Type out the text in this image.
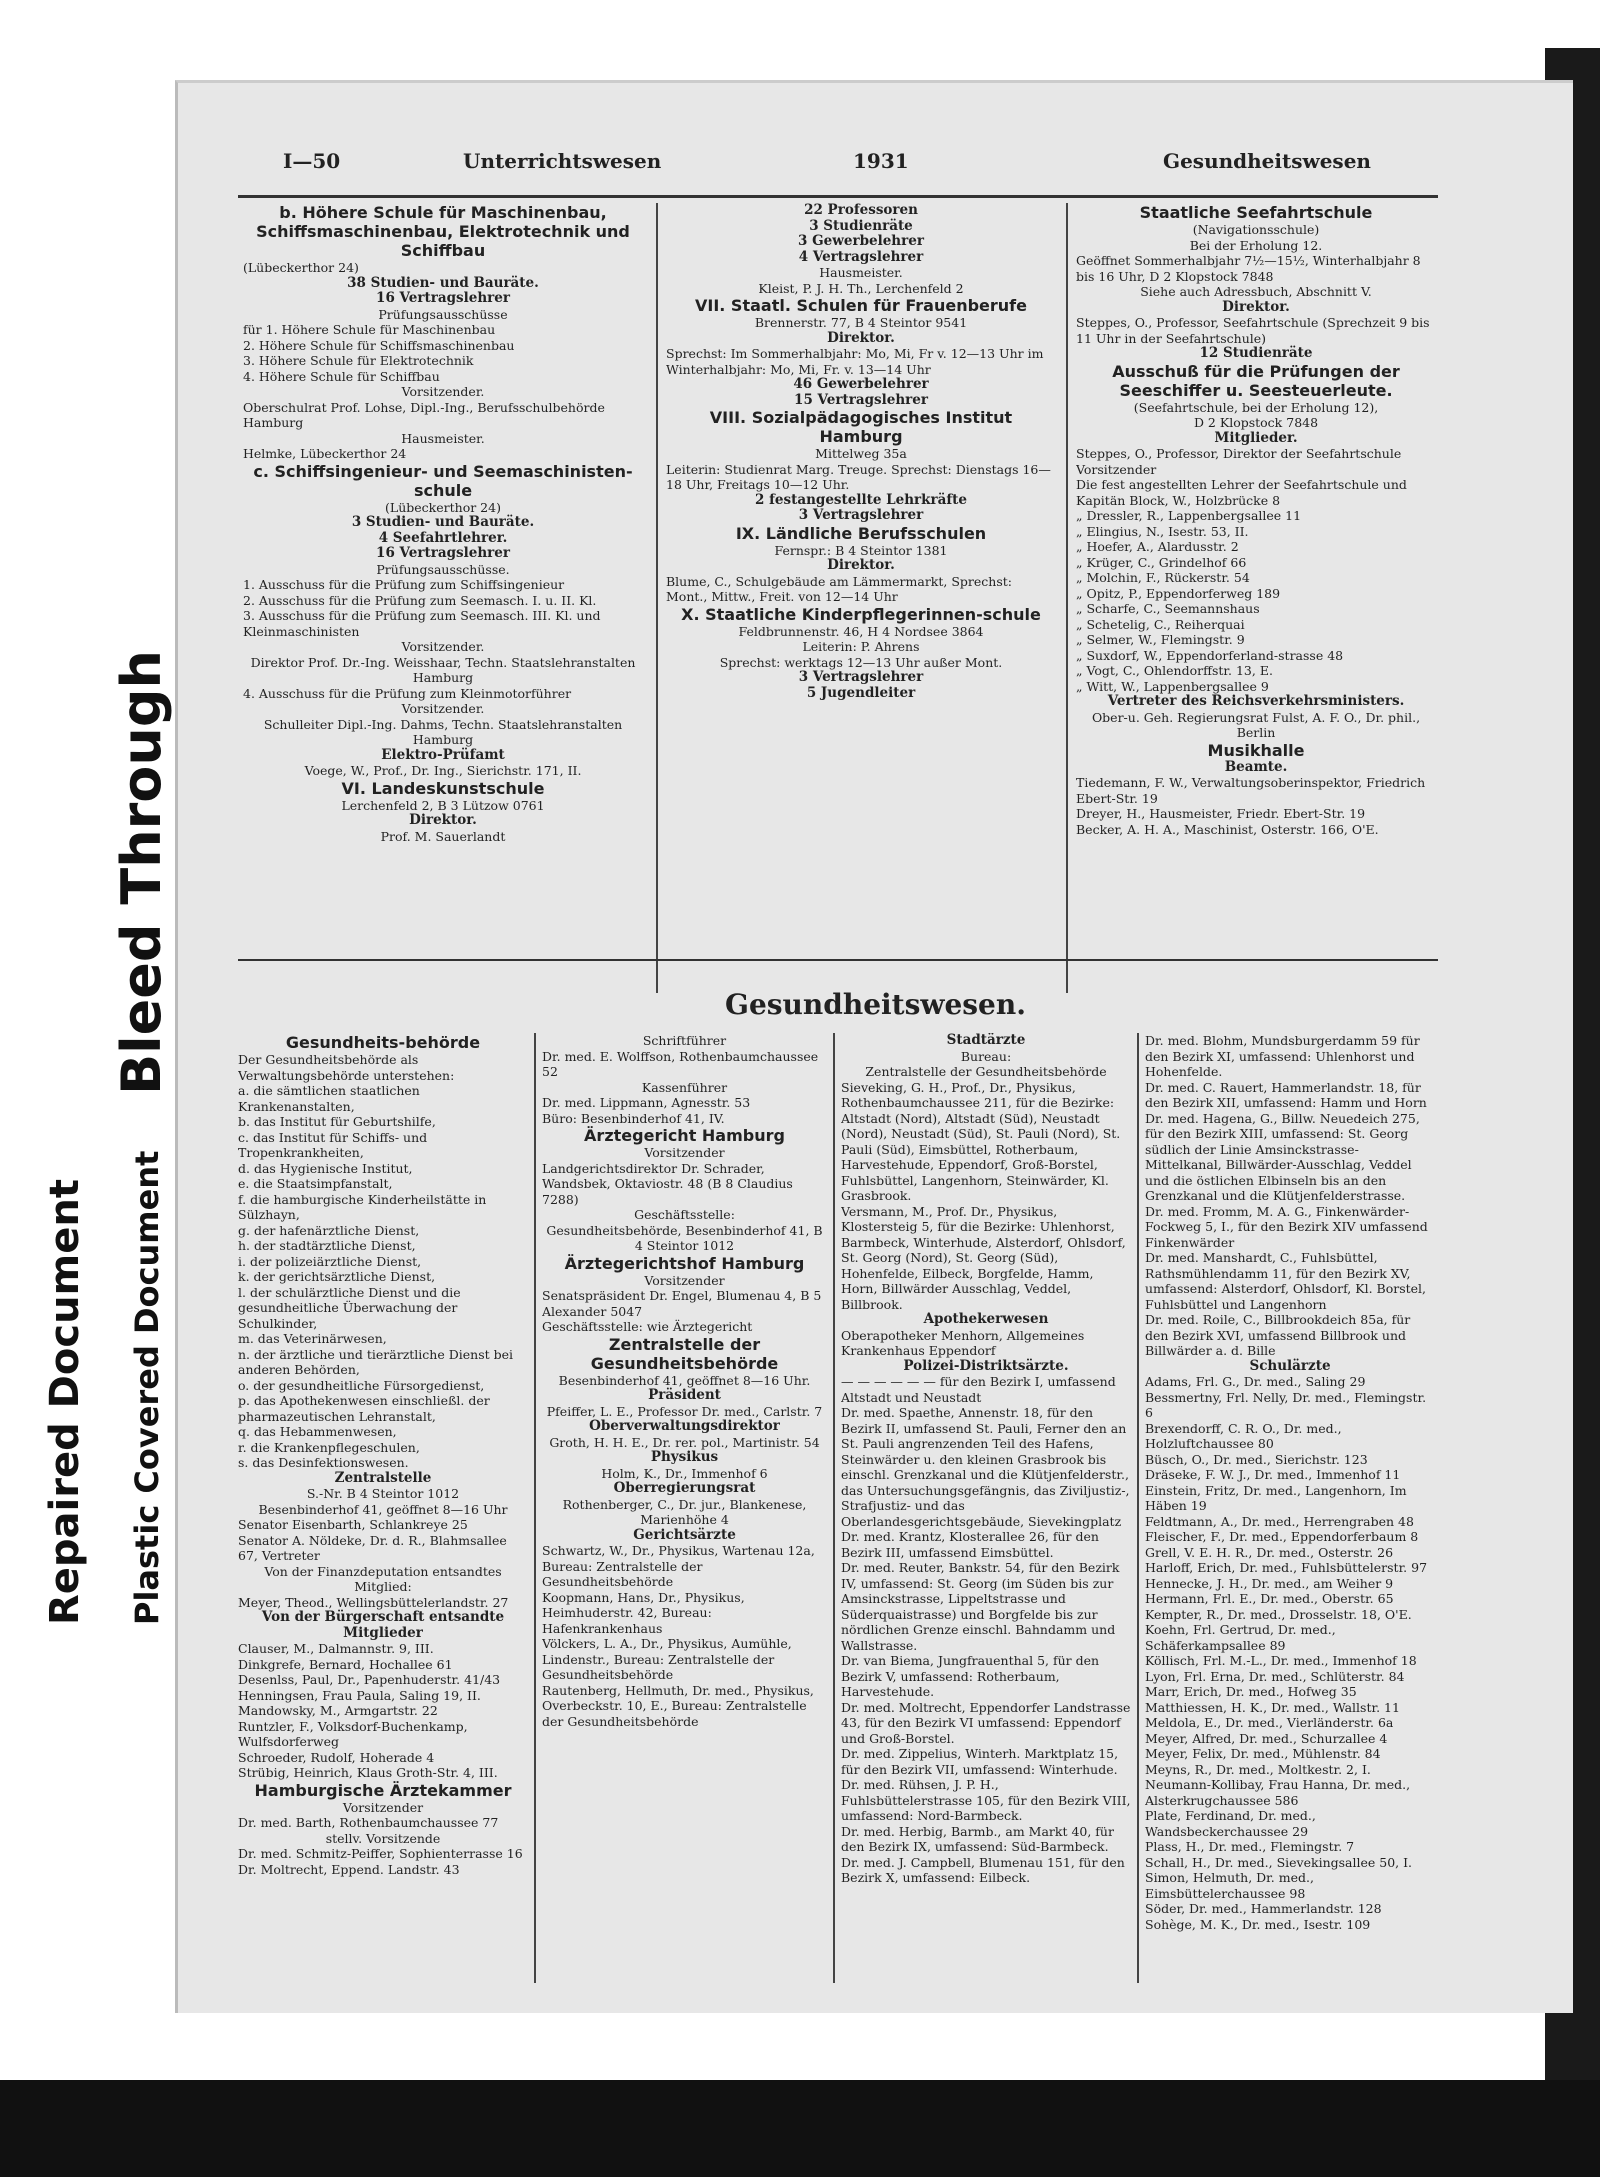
Repaired Document Plastic Covered Document
Bleed Through
I—50	Unterrichtswesen	1931	Gesundheitswesen

b. Höhere Schule für Maschinenbau, Schiffsmaschinenbau, Elektrotechnik und Schiffbau

(Lübeckerthor 24)

38 Studien- und Bauräte.

16 Vertragslehrer

Prüfungsausschüsse

für 1. Höhere Schule für Maschinenbau

2. Höhere Schule für Schiffsmaschinenbau

3. Höhere Schule für Elektrotechnik

4. Höhere Schule für Schiffbau

Vorsitzender.

Oberschulrat Prof. Lohse, Dipl.-Ing., Berufsschulbehörde Hamburg

Hausmeister.

Helmke, Lübeckerthor 24

c. Schiffsingenieur- und Seemaschinisten-schule

(Lübeckerthor 24)

3 Studien- und Bauräte.

4 Seefahrtlehrer.

16 Vertragslehrer

Prüfungsausschüsse.

1. Ausschuss für die Prüfung zum Schiffsingenieur

2. Ausschuss für die Prüfung zum Seemasch. I. u. II. Kl.

3. Ausschuss für die Prüfung zum Seemasch. III. Kl. und Kleinmaschinisten

Vorsitzender.

Direktor Prof. Dr.-Ing. Weisshaar, Techn. Staatslehranstalten Hamburg

4. Ausschuss für die Prüfung zum Kleinmotorführer

Vorsitzender.

Schulleiter Dipl.-Ing. Dahms, Techn. Staatslehranstalten Hamburg

Elektro-Prüfamt

Voege, W., Prof., Dr. Ing., Sierichstr. 171, II.

VI. Landeskunstschule

Lerchenfeld 2, B 3 Lützow 0761

Direktor.

Prof. M. Sauerlandt

22 Professoren

3 Studienräte

3 Gewerbelehrer

4 Vertragslehrer

Hausmeister.

Kleist, P. J. H. Th., Lerchenfeld 2

VII. Staatl. Schulen für Frauenberufe

Brennerstr. 77, B 4 Steintor 9541

Direktor.

Sprechst: Im Sommerhalbjahr: Mo, Mi, Fr v. 12—13 Uhr im Winterhalbjahr: Mo, Mi, Fr. v. 13—14 Uhr

46 Gewerbelehrer

15 Vertragslehrer

VIII. Sozialpädagogisches Institut Hamburg

Mittelweg 35a

Leiterin: Studienrat Marg. Treuge. Sprechst: Dienstags 16—18 Uhr, Freitags 10—12 Uhr.

2 festangestellte Lehrkräfte

3 Vertragslehrer

IX. Ländliche Berufsschulen

Fernspr.: B 4 Steintor 1381

Direktor.

Blume, C., Schulgebäude am Lämmermarkt, Sprechst: Mont., Mittw., Freit. von 12—14 Uhr

X. Staatliche Kinderpflegerinnen-schule

Feldbrunnenstr. 46, H 4 Nordsee 3864

Leiterin: P. Ahrens

Sprechst: werktags 12—13 Uhr außer Mont.

3 Vertragslehrer

5 Jugendleiter

Staatliche Seefahrtschule

(Navigationsschule)

Bei der Erholung 12.

Geöffnet Sommerhalbjahr 7½—15½, Winterhalbjahr 8 bis 16 Uhr, D 2 Klopstock 7848

Siehe auch Adressbuch, Abschnitt V.

Direktor.

Steppes, O., Professor, Seefahrtschule (Sprechzeit 9 bis 11 Uhr in der Seefahrtschule)

12 Studienräte

Ausschuß für die Prüfungen der Seeschiffer u. Seesteuerleute.

(Seefahrtschule, bei der Erholung 12),

D 2 Klopstock 7848

Mitglieder.

Steppes, O., Professor, Direktor der Seefahrtschule Vorsitzender

Die fest angestellten Lehrer der Seefahrtschule und Kapitän Block, W., Holzbrücke 8

„ Dressler, R., Lappenbergsallee 11

„ Elingius, N., Isestr. 53, II.

„ Hoefer, A., Alardusstr. 2

„ Krüger, C., Grindelhof 66

„ Molchin, F., Rückerstr. 54

„ Opitz, P., Eppendorferweg 189

„ Scharfe, C., Seemannshaus

„ Schetelig, C., Reiherquai

„ Selmer, W., Flemingstr. 9

„ Suxdorf, W., Eppendorferland-strasse 48

„ Vogt, C., Ohlendorffstr. 13, E.

„ Witt, W., Lappenbergsallee 9

Vertreter des Reichsverkehrsministers.

Ober-u. Geh. Regierungsrat Fulst, A. F. O., Dr. phil., Berlin

Musikhalle

Beamte.

Tiedemann, F. W., Verwaltungsoberinspektor, Friedrich Ebert-Str. 19

Dreyer, H., Hausmeister, Friedr. Ebert-Str. 19

Becker, A. H. A., Maschinist, Osterstr. 166, O'E.

Gesundheitswesen.

Gesundheits-behörde

Der Gesundheitsbehörde als Verwaltungsbehörde unterstehen:

a. die sämtlichen staatlichen Krankenanstalten,

b. das Institut für Geburtshilfe,

c. das Institut für Schiffs- und Tropenkrankheiten,

d. das Hygienische Institut,

e. die Staatsimpfanstalt,

f. die hamburgische Kinderheilstätte in Sülzhayn,

g. der hafenärztliche Dienst,

h. der stadtärztliche Dienst,

i. der polizeiärztliche Dienst,

k. der gerichtsärztliche Dienst,

l. der schulärztliche Dienst und die gesundheitliche Überwachung der Schulkinder,

m. das Veterinärwesen,

n. der ärztliche und tierärztliche Dienst bei anderen Behörden,

o. der gesundheitliche Fürsorgedienst,

p. das Apothekenwesen einschließl. der pharmazeutischen Lehranstalt,

q. das Hebammenwesen,

r. die Krankenpflegeschulen,

s. das Desinfektionswesen.

Zentralstelle

S.-Nr. B 4 Steintor 1012

Besenbinderhof 41, geöffnet 8—16 Uhr

Senator Eisenbarth, Schlankreye 25

Senator A. Nöldeke, Dr. d. R., Blahmsallee 67, Vertreter

Von der Finanzdeputation entsandtes Mitglied:

Meyer, Theod., Wellingsbüttelerlandstr. 27

Von der Bürgerschaft entsandte Mitglieder

Clauser, M., Dalmannstr. 9, III.

Dinkgrefe, Bernard, Hochallee 61

Desenlss, Paul, Dr., Papenhuderstr. 41/43

Henningsen, Frau Paula, Saling 19, II.

Mandowsky, M., Armgartstr. 22

Runtzler, F., Volksdorf-Buchenkamp, Wulfsdorferweg

Schroeder, Rudolf, Hoherade 4

Strübig, Heinrich, Klaus Groth-Str. 4, III.

Hamburgische Ärztekammer

Vorsitzender

Dr. med. Barth, Rothenbaumchaussee 77

stellv. Vorsitzende

Dr. med. Schmitz-Peiffer, Sophienterrasse 16

Dr. Moltrecht, Eppend. Landstr. 43

Schriftführer

Dr. med. E. Wolffson, Rothenbaumchaussee 52

Kassenführer

Dr. med. Lippmann, Agnesstr. 53

Büro: Besenbinderhof 41, IV.

Ärztegericht Hamburg

Vorsitzender

Landgerichtsdirektor Dr. Schrader, Wandsbek, Oktaviostr. 48 (B 8 Claudius 7288)

Geschäftsstelle:

Gesundheitsbehörde, Besenbinderhof 41, B 4 Steintor 1012

Ärztegerichtshof Hamburg

Vorsitzender

Senatspräsident Dr. Engel, Blumenau 4, B 5 Alexander 5047

Geschäftsstelle: wie Ärztegericht

Zentralstelle der Gesundheitsbehörde

Besenbinderhof 41, geöffnet 8—16 Uhr.

Präsident

Pfeiffer, L. E., Professor Dr. med., Carlstr. 7

Oberverwaltungsdirektor

Groth, H. H. E., Dr. rer. pol., Martinistr. 54

Physikus

Holm, K., Dr., Immenhof 6

Oberregierungsrat

Rothenberger, C., Dr. jur., Blankenese, Marienhöhe 4

Gerichtsärzte

Schwartz, W., Dr., Physikus, Wartenau 12a, Bureau: Zentralstelle der Gesundheitsbehörde

Koopmann, Hans, Dr., Physikus, Heimhuderstr. 42, Bureau: Hafenkrankenhaus

Völckers, L. A., Dr., Physikus, Aumühle, Lindenstr., Bureau: Zentralstelle der Gesundheitsbehörde

Rautenberg, Hellmuth, Dr. med., Physikus, Overbeckstr. 10, E., Bureau: Zentralstelle der Gesundheitsbehörde

Stadtärzte

Bureau:

Zentralstelle der Gesundheitsbehörde

Sieveking, G. H., Prof., Dr., Physikus, Rothenbaumchaussee 211, für die Bezirke: Altstadt (Nord), Altstadt (Süd), Neustadt (Nord), Neustadt (Süd), St. Pauli (Nord), St. Pauli (Süd), Eimsbüttel, Rotherbaum, Harvestehude, Eppendorf, Groß-Borstel, Fuhlsbüttel, Langenhorn, Steinwärder, Kl. Grasbrook.

Versmann, M., Prof. Dr., Physikus, Klostersteig 5, für die Bezirke: Uhlenhorst, Barmbeck, Winterhude, Alsterdorf, Ohlsdorf, St. Georg (Nord), St. Georg (Süd), Hohenfelde, Eilbeck, Borgfelde, Hamm, Horn, Billwärder Ausschlag, Veddel, Billbrook.

Apothekerwesen

Oberapotheker Menhorn, Allgemeines Krankenhaus Eppendorf

Polizei-Distriktsärzte.

— — — — — — für den Bezirk I, umfassend Altstadt und Neustadt

Dr. med. Spaethe, Annenstr. 18, für den Bezirk II, umfassend St. Pauli, Ferner den an St. Pauli angrenzenden Teil des Hafens, Steinwärder u. den kleinen Grasbrook bis einschl. Grenzkanal und die Klütjenfelderstr., das Untersuchungsgefängnis, das Ziviljustiz-, Strafjustiz- und das Oberlandesgerichtsgebäude, Sievekingplatz

Dr. med. Krantz, Klosterallee 26, für den Bezirk III, umfassend Eimsbüttel.

Dr. med. Reuter, Bankstr. 54, für den Bezirk IV, umfassend: St. Georg (im Süden bis zur Amsinckstrasse, Lippeltstrasse und Süderquaistrasse) und Borgfelde bis zur nördlichen Grenze einschl. Bahndamm und Wallstrasse.

Dr. van Biema, Jungfrauenthal 5, für den Bezirk V, umfassend: Rotherbaum, Harvestehude.

Dr. med. Moltrecht, Eppendorfer Landstrasse 43, für den Bezirk VI umfassend: Eppendorf und Groß-Borstel.

Dr. med. Zippelius, Winterh. Marktplatz 15, für den Bezirk VII, umfassend: Winterhude.

Dr. med. Rühsen, J. P. H., Fuhlsbüttelerstrasse 105, für den Bezirk VIII, umfassend: Nord-Barmbeck.

Dr. med. Herbig, Barmb., am Markt 40, für den Bezirk IX, umfassend: Süd-Barmbeck.

Dr. med. J. Campbell, Blumenau 151, für den Bezirk X, umfassend: Eilbeck.

Dr. med. Blohm, Mundsburgerdamm 59 für den Bezirk XI, umfassend: Uhlenhorst und Hohenfelde.

Dr. med. C. Rauert, Hammerlandstr. 18, für den Bezirk XII, umfassend: Hamm und Horn

Dr. med. Hagena, G., Billw. Neuedeich 275, für den Bezirk XIII, umfassend: St. Georg südlich der Linie Amsinckstrasse-Mittelkanal, Billwärder-Ausschlag, Veddel und die östlichen Elbinseln bis an den Grenzkanal und die Klütjenfelderstrasse.

Dr. med. Fromm, M. A. G., Finkenwärder-Fockweg 5, I., für den Bezirk XIV umfassend Finkenwärder

Dr. med. Manshardt, C., Fuhlsbüttel, Rathsmühlendamm 11, für den Bezirk XV, umfassend: Alsterdorf, Ohlsdorf, Kl. Borstel, Fuhlsbüttel und Langenhorn

Dr. med. Roile, C., Billbrookdeich 85a, für den Bezirk XVI, umfassend Billbrook und Billwärder a. d. Bille

Schulärzte

Adams, Frl. G., Dr. med., Saling 29

Bessmertny, Frl. Nelly, Dr. med., Flemingstr. 6

Brexendorff, C. R. O., Dr. med., Holzluftchaussee 80

Büsch, O., Dr. med., Sierichstr. 123

Dräseke, F. W. J., Dr. med., Immenhof 11

Einstein, Fritz, Dr. med., Langenhorn, Im Häben 19

Feldtmann, A., Dr. med., Herrengraben 48

Fleischer, F., Dr. med., Eppendorferbaum 8

Grell, V. E. H. R., Dr. med., Osterstr. 26

Harloff, Erich, Dr. med., Fuhlsbüttelerstr. 97

Hennecke, J. H., Dr. med., am Weiher 9

Hermann, Frl. E., Dr. med., Oberstr. 65

Kempter, R., Dr. med., Drosselstr. 18, O'E.

Koehn, Frl. Gertrud, Dr. med., Schäferkampsallee 89

Köllisch, Frl. M.-L., Dr. med., Immenhof 18

Lyon, Frl. Erna, Dr. med., Schlüterstr. 84

Marr, Erich, Dr. med., Hofweg 35

Matthiessen, H. K., Dr. med., Wallstr. 11

Meldola, E., Dr. med., Vierländerstr. 6a

Meyer, Alfred, Dr. med., Schurzallee 4

Meyer, Felix, Dr. med., Mühlenstr. 84

Meyns, R., Dr. med., Moltkestr. 2, I.

Neumann-Kollibay, Frau Hanna, Dr. med., Alsterkrugchaussee 586

Plate, Ferdinand, Dr. med., Wandsbeckerchaussee 29

Plass, H., Dr. med., Flemingstr. 7

Schall, H., Dr. med., Sievekingsallee 50, I.

Simon, Helmuth, Dr. med., Eimsbüttelerchaussee 98

Söder, Dr. med., Hammerlandstr. 128

Sohège, M. K., Dr. med., Isestr. 109
